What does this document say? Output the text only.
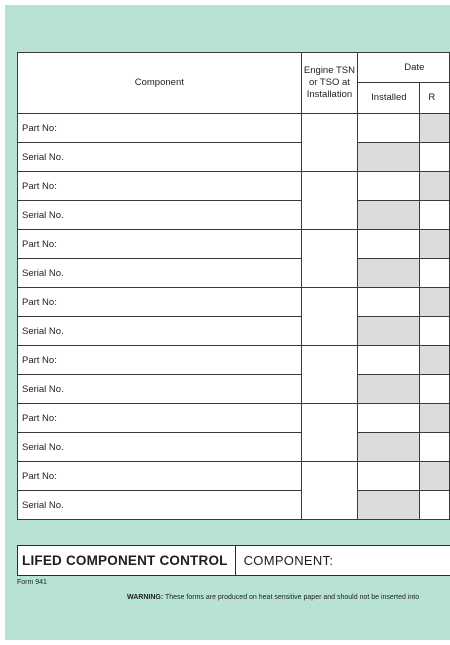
Component	Engine TSN or TSO at Installation	Date	
		Installed	R
Part No:			
Serial No.			
Part No:			
Serial No.			
Part No:			
Serial No.			
Part No:			
Serial No.			
Part No:			
Serial No.			
Part No:			
Serial No.			
Part No:			
Serial No.			
LIFED COMPONENT CONTROL	COMPONENT:
Form 941
WARNING: These forms are produced on heat sensitive paper and should not be inserted into
